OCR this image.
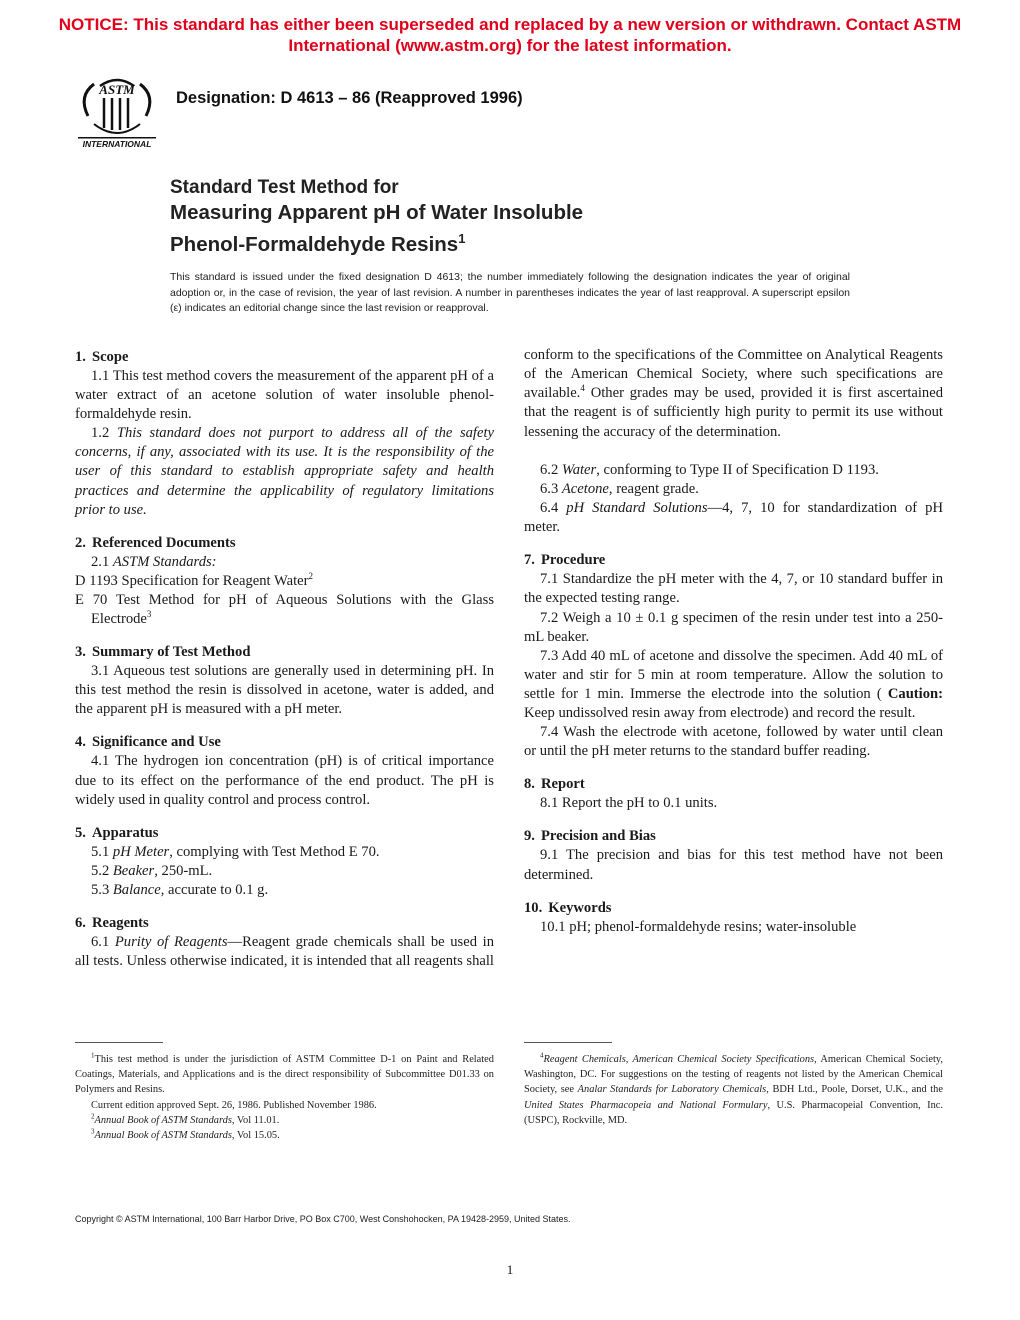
NOTICE: This standard has either been superseded and replaced by a new version or withdrawn. Contact ASTM
International (www.astm.org) for the latest information.
ASTM
INTERNATIONAL
Designation: D 4613 – 86 (Reapproved 1996)
Standard Test Method for
Measuring Apparent pH of Water Insoluble
Phenol-Formaldehyde Resins$^1$
This standard is issued under the fixed designation D 4613; the number immediately following the designation indicates the year of original adoption or, in the case of revision, the year of last revision. A number in parentheses indicates the year of last reapproval. A superscript epsilon (ε) indicates an editorial change since the last revision or reapproval.
1. Scope

1.1 This test method covers the measurement of the apparent pH of a water extract of an acetone solution of water insoluble phenol-formaldehyde resin.

1.2 This standard does not purport to address all of the safety concerns, if any, associated with its use. It is the responsibility of the user of this standard to establish appropriate safety and health practices and determine the applicability of regulatory limitations prior to use.

2. Referenced Documents

2.1 ASTM Standards:

D 1193 Specification for Reagent Water$^2$

E 70 Test Method for pH of Aqueous Solutions with the Glass Electrode$^3$

3. Summary of Test Method

3.1 Aqueous test solutions are generally used in determining pH. In this test method the resin is dissolved in acetone, water is added, and the apparent pH is measured with a pH meter.

4. Significance and Use

4.1 The hydrogen ion concentration (pH) is of critical importance due to its effect on the performance of the end product. The pH is widely used in quality control and process control.

5. Apparatus

5.1 pH Meter, complying with Test Method E 70.

5.2 Beaker, 250-mL.

5.3 Balance, accurate to 0.1 g.

6. Reagents

6.1 Purity of Reagents—Reagent grade chemicals shall be used in all tests. Unless otherwise indicated, it is intended that all reagents shall

conform to the specifications of the Committee on Analytical Reagents of the American Chemical Society, where such specifications are available.$^4$ Other grades may be used, provided it is first ascertained that the reagent is of sufficiently high purity to permit its use without lessening the accuracy of the determination.

6.2 Water, conforming to Type II of Specification D 1193.

6.3 Acetone, reagent grade.

6.4 pH Standard Solutions—4, 7, 10 for standardization of pH meter.

7. Procedure

7.1 Standardize the pH meter with the 4, 7, or 10 standard buffer in the expected testing range.

7.2 Weigh a 10 ± 0.1 g specimen of the resin under test into a 250-mL beaker.

7.3 Add 40 mL of acetone and dissolve the specimen. Add 40 mL of water and stir for 5 min at room temperature. Allow the solution to settle for 1 min. Immerse the electrode into the solution ( Caution: Keep undissolved resin away from electrode) and record the result.

7.4 Wash the electrode with acetone, followed by water until clean or until the pH meter returns to the standard buffer reading.

8. Report

8.1 Report the pH to 0.1 units.

9. Precision and Bias

9.1 The precision and bias for this test method have not been determined.

10. Keywords

10.1 pH; phenol-formaldehyde resins; water-insoluble

$^1$This test method is under the jurisdiction of ASTM Committee D-1 on Paint and Related Coatings, Materials, and Applications and is the direct responsibility of Subcommittee D01.33 on Polymers and Resins.

Current edition approved Sept. 26, 1986. Published November 1986.

$^2$Annual Book of ASTM Standards, Vol 11.01.

$^3$Annual Book of ASTM Standards, Vol 15.05.

$^4$Reagent Chemicals, American Chemical Society Specifications, American Chemical Society, Washington, DC. For suggestions on the testing of reagents not listed by the American Chemical Society, see Analar Standards for Laboratory Chemicals, BDH Ltd., Poole, Dorset, U.K., and the United States Pharmacopeia and National Formulary, U.S. Pharmacopeial Convention, Inc. (USPC), Rockville, MD.

Copyright © ASTM International, 100 Barr Harbor Drive, PO Box C700, West Conshohocken, PA 19428-2959, United States.
1
